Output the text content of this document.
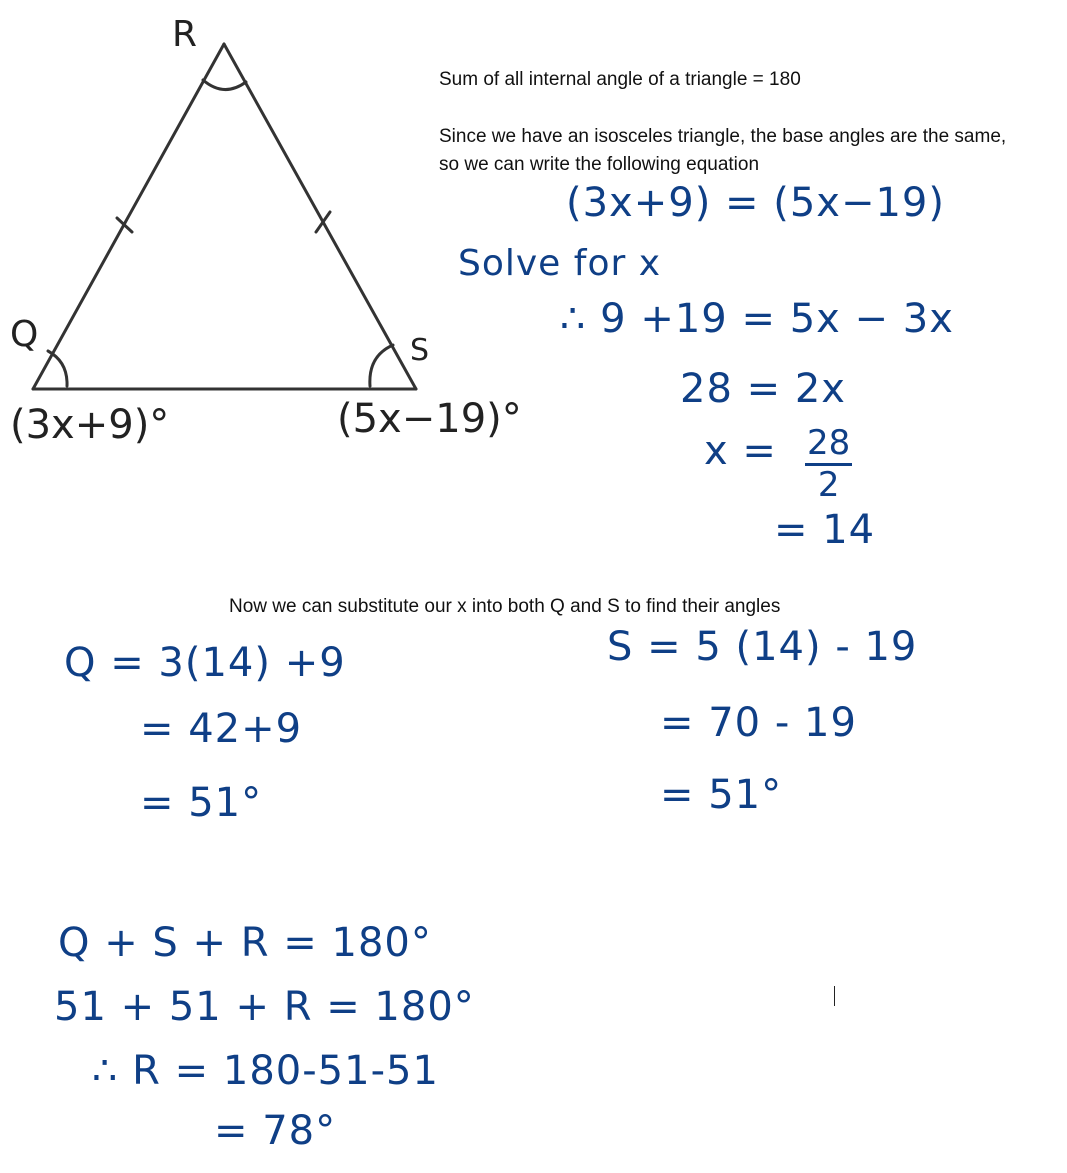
R
Q	S
(3x+9)°	(5x−19)°
Sum of all internal angle of a triangle = 180
Since we have an isosceles triangle, the base angles are the same,
so we can write the following equation
Now we can substitute our x into both Q and S to find their angles
(3x+9) = (5x−19)
Solve for x
∴ 9 +19 = 5x − 3x
28 = 2x
$x = \frac{28}{2}$
= 14
Q = 3(14) +9
= 42+9
= 51°
S = 5 (14) - 19
= 70 - 19
= 51°
Q + S + R = 180°
51 + 51 + R = 180°
∴ R = 180-51-51
= 78°
